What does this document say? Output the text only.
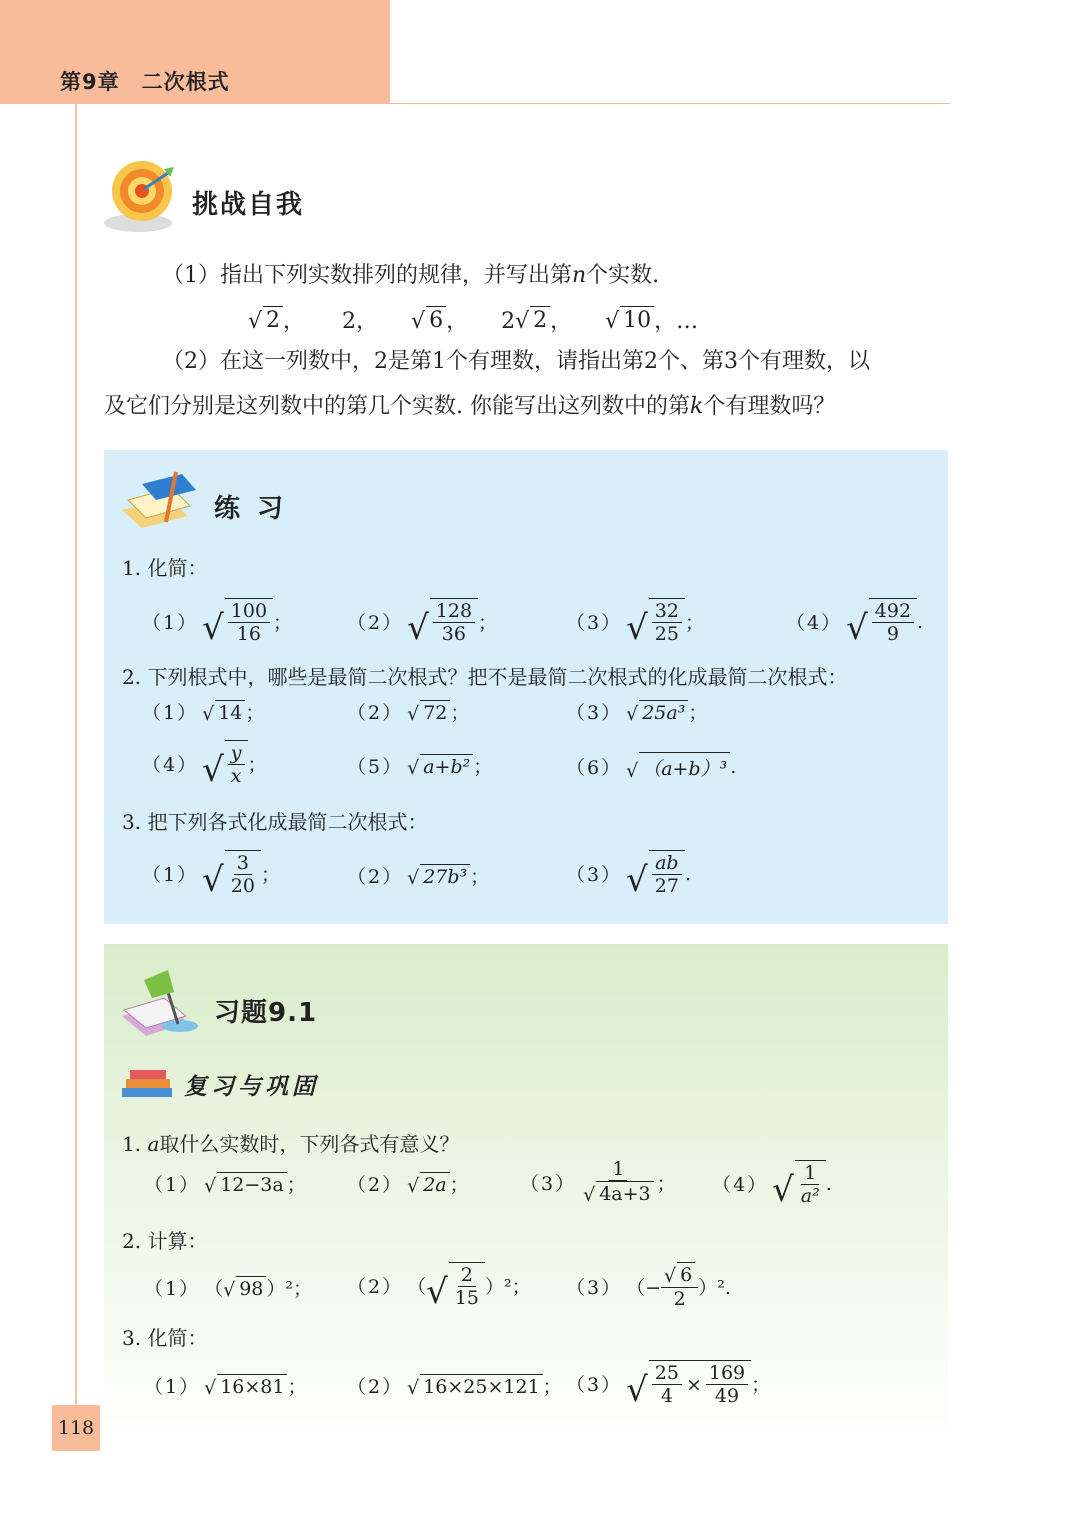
第9章　二次根式
118
挑战自我
（1）指出下列实数排列的规律，并写出第n个实数.
√ 2 ， 2， √ 6 ， 2 √ 2 ， √ 10 ，…
（2）在这一列数中，2是第1个有理数，请指出第2个、第3个有理数，以
及它们分别是这列数中的第几个实数. 你能写出这列数中的第k个有理数吗？
练 习
1. 化简：
（1） √ $\frac{100}{16}$ ；	（2） √ $\frac{128}{36}$ ；	（3） √ $\frac{32}{25}$ ；	（4） √ $\frac{492}{9}$ .
2. 下列根式中，哪些是最简二次根式？把不是最简二次根式的化成最简二次根式：
（1） √ 14 ；	（2） √ 72 ；	（3） √ 25a³ ；
（4） √ $\frac{y}{x}$ ；	（5） √ a+b² ；	（6） √ （a+b）³ .
3. 把下列各式化成最简二次根式：
（1） √ $\frac{3}{20}$ ；	（2） √ 27b³ ；	（3） √ $\frac{ab}{27}$ .
习题9.1
复习与巩固
1. a取什么实数时，下列各式有意义？
（1） √ 12−3a ； （2） √ 2a ；	$(3) \frac{1}{√ 4a+3}$ ； （4） √ $\frac{1}{\text{a²}}$ .
2. 计算：
（1） （ √ 98 ）²； （2） （ √ $\frac{2}{15} )^2$； （3） （− $\frac{√ 6}{2} )^2$.
3. 化简：
（1） √ 16×81 ； （2） √ 16×25×121 ； （3） √ $\frac{25}{4} \times \frac{169}{49}$ ；
